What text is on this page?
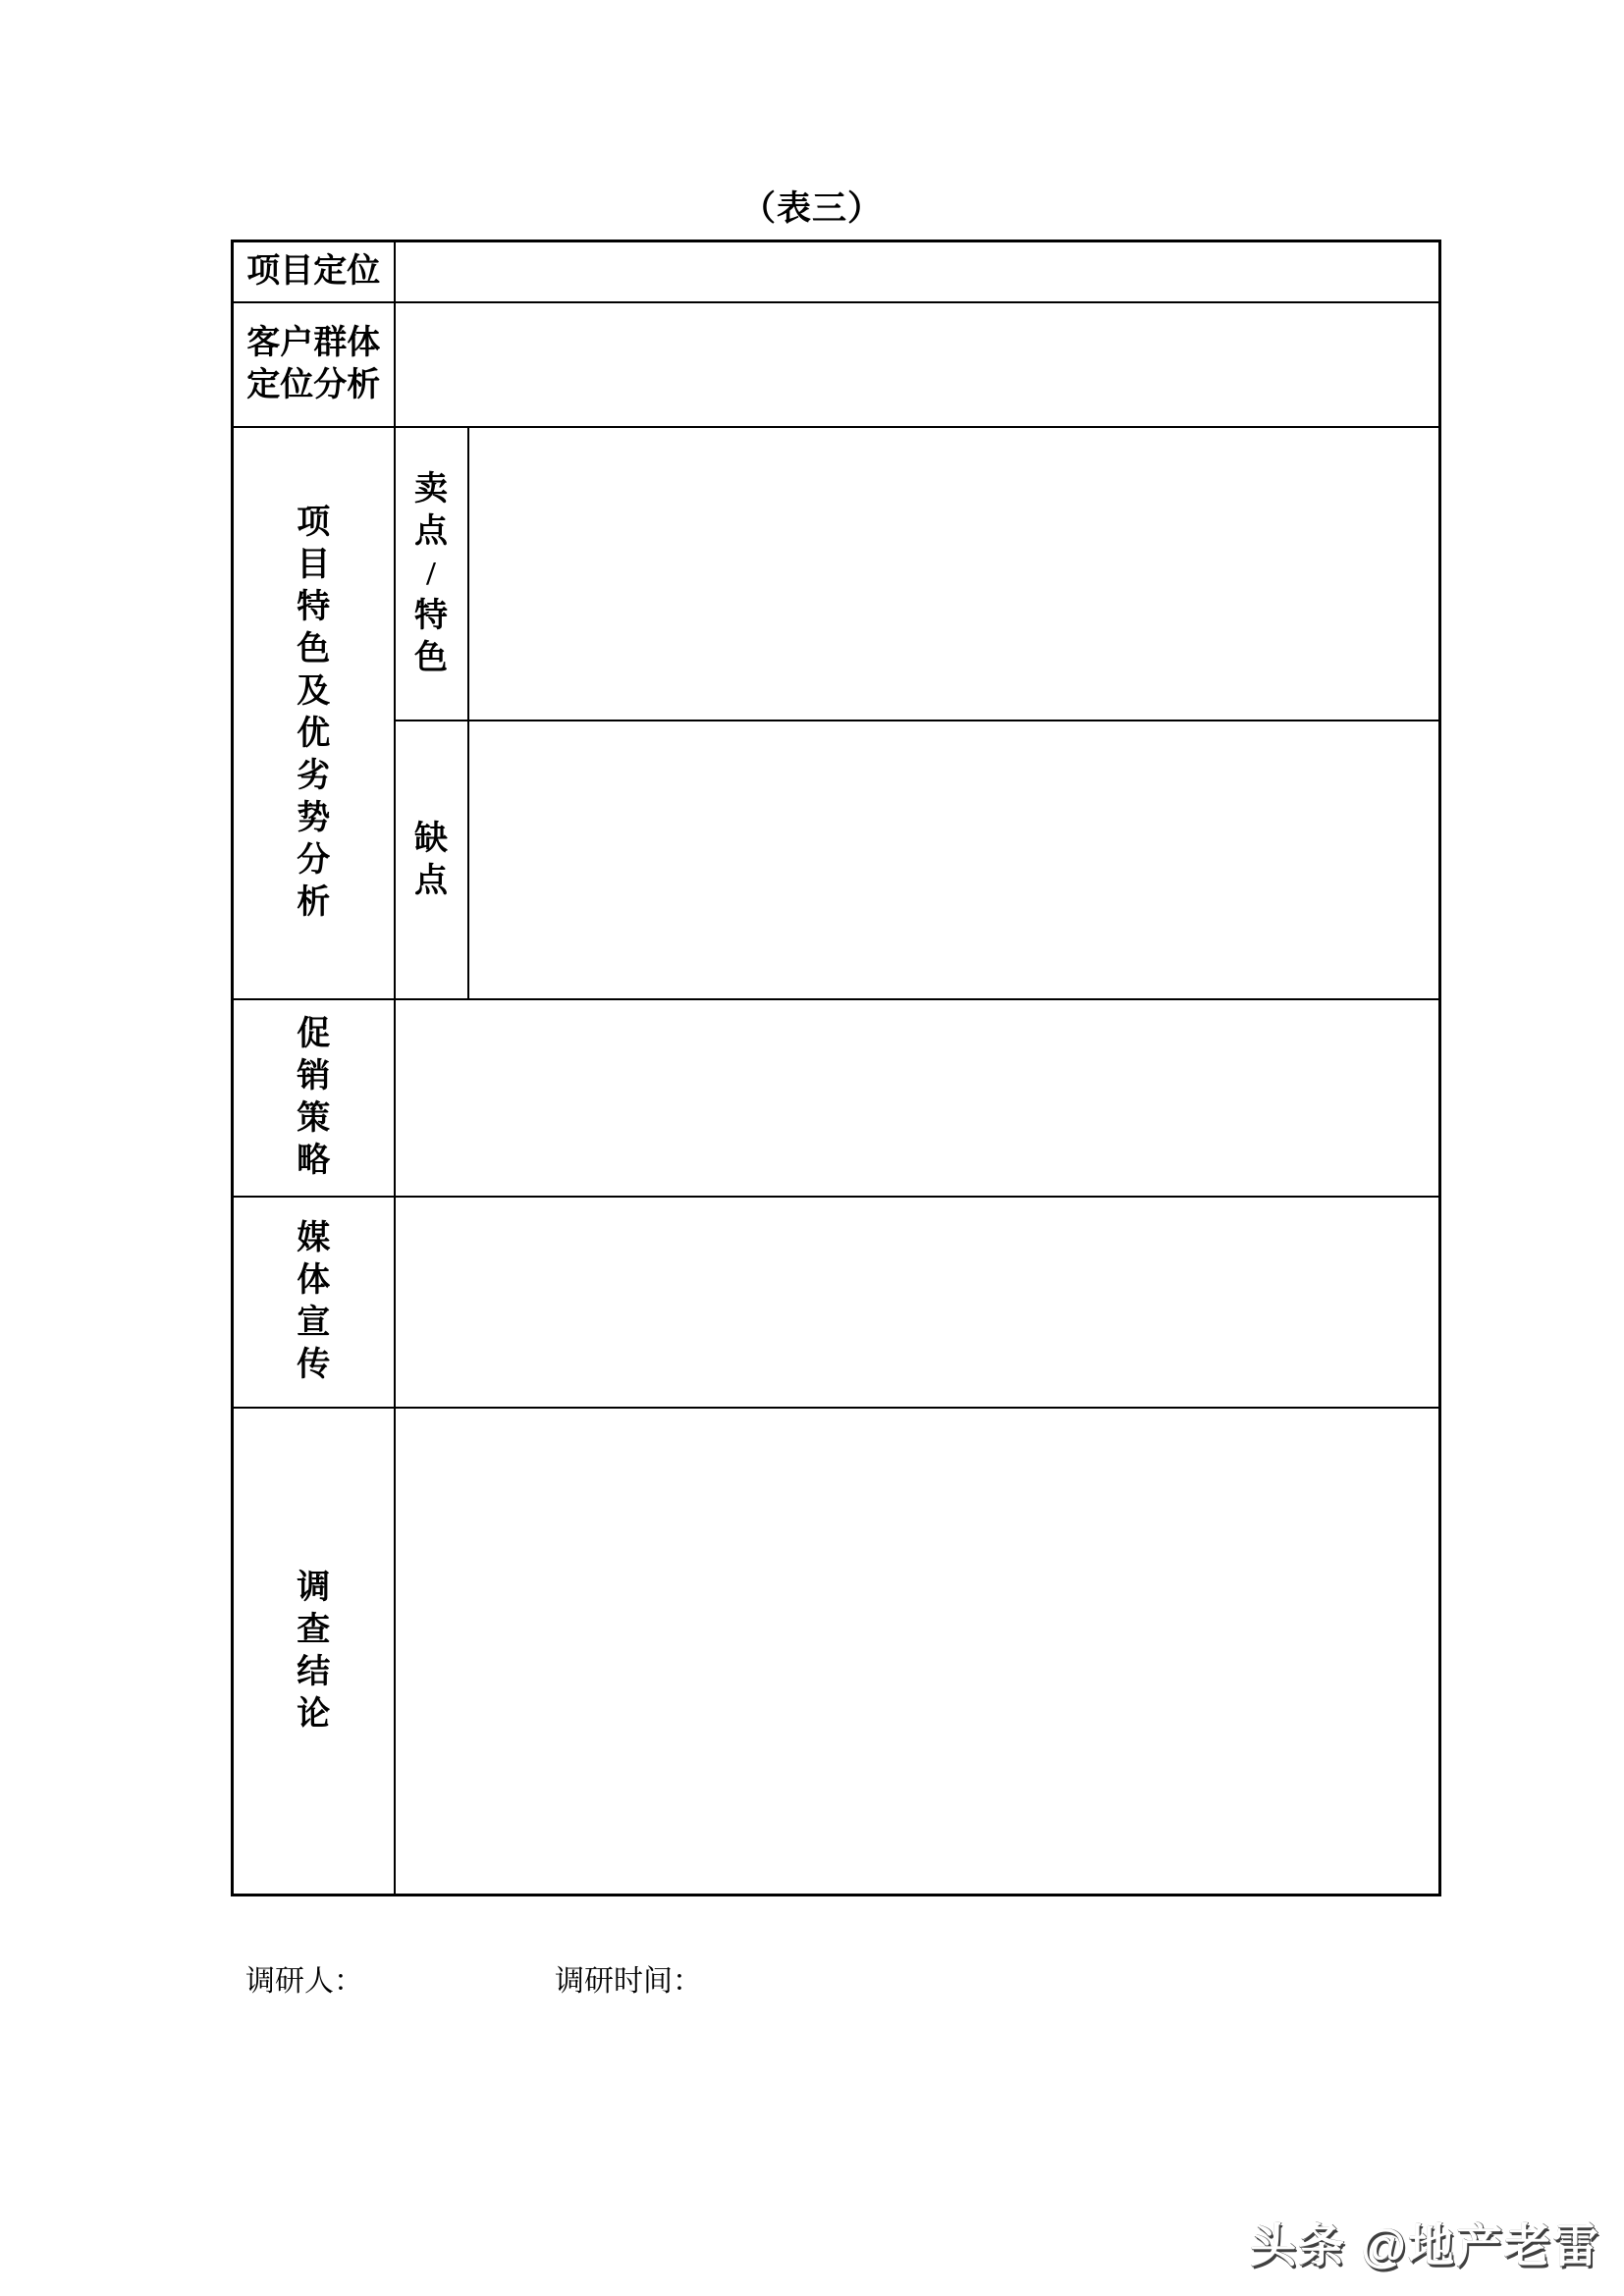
（表三）
项目定位		

客户群体定位分析		

项
目
特
色
及
优
劣
势
分
析

卖
点
/
特
色

	缺
点	

促
销
策
略		

媒
体
宣
传		

调
查
结
论		

调研人：	调研时间：
头条 @地产老雷
